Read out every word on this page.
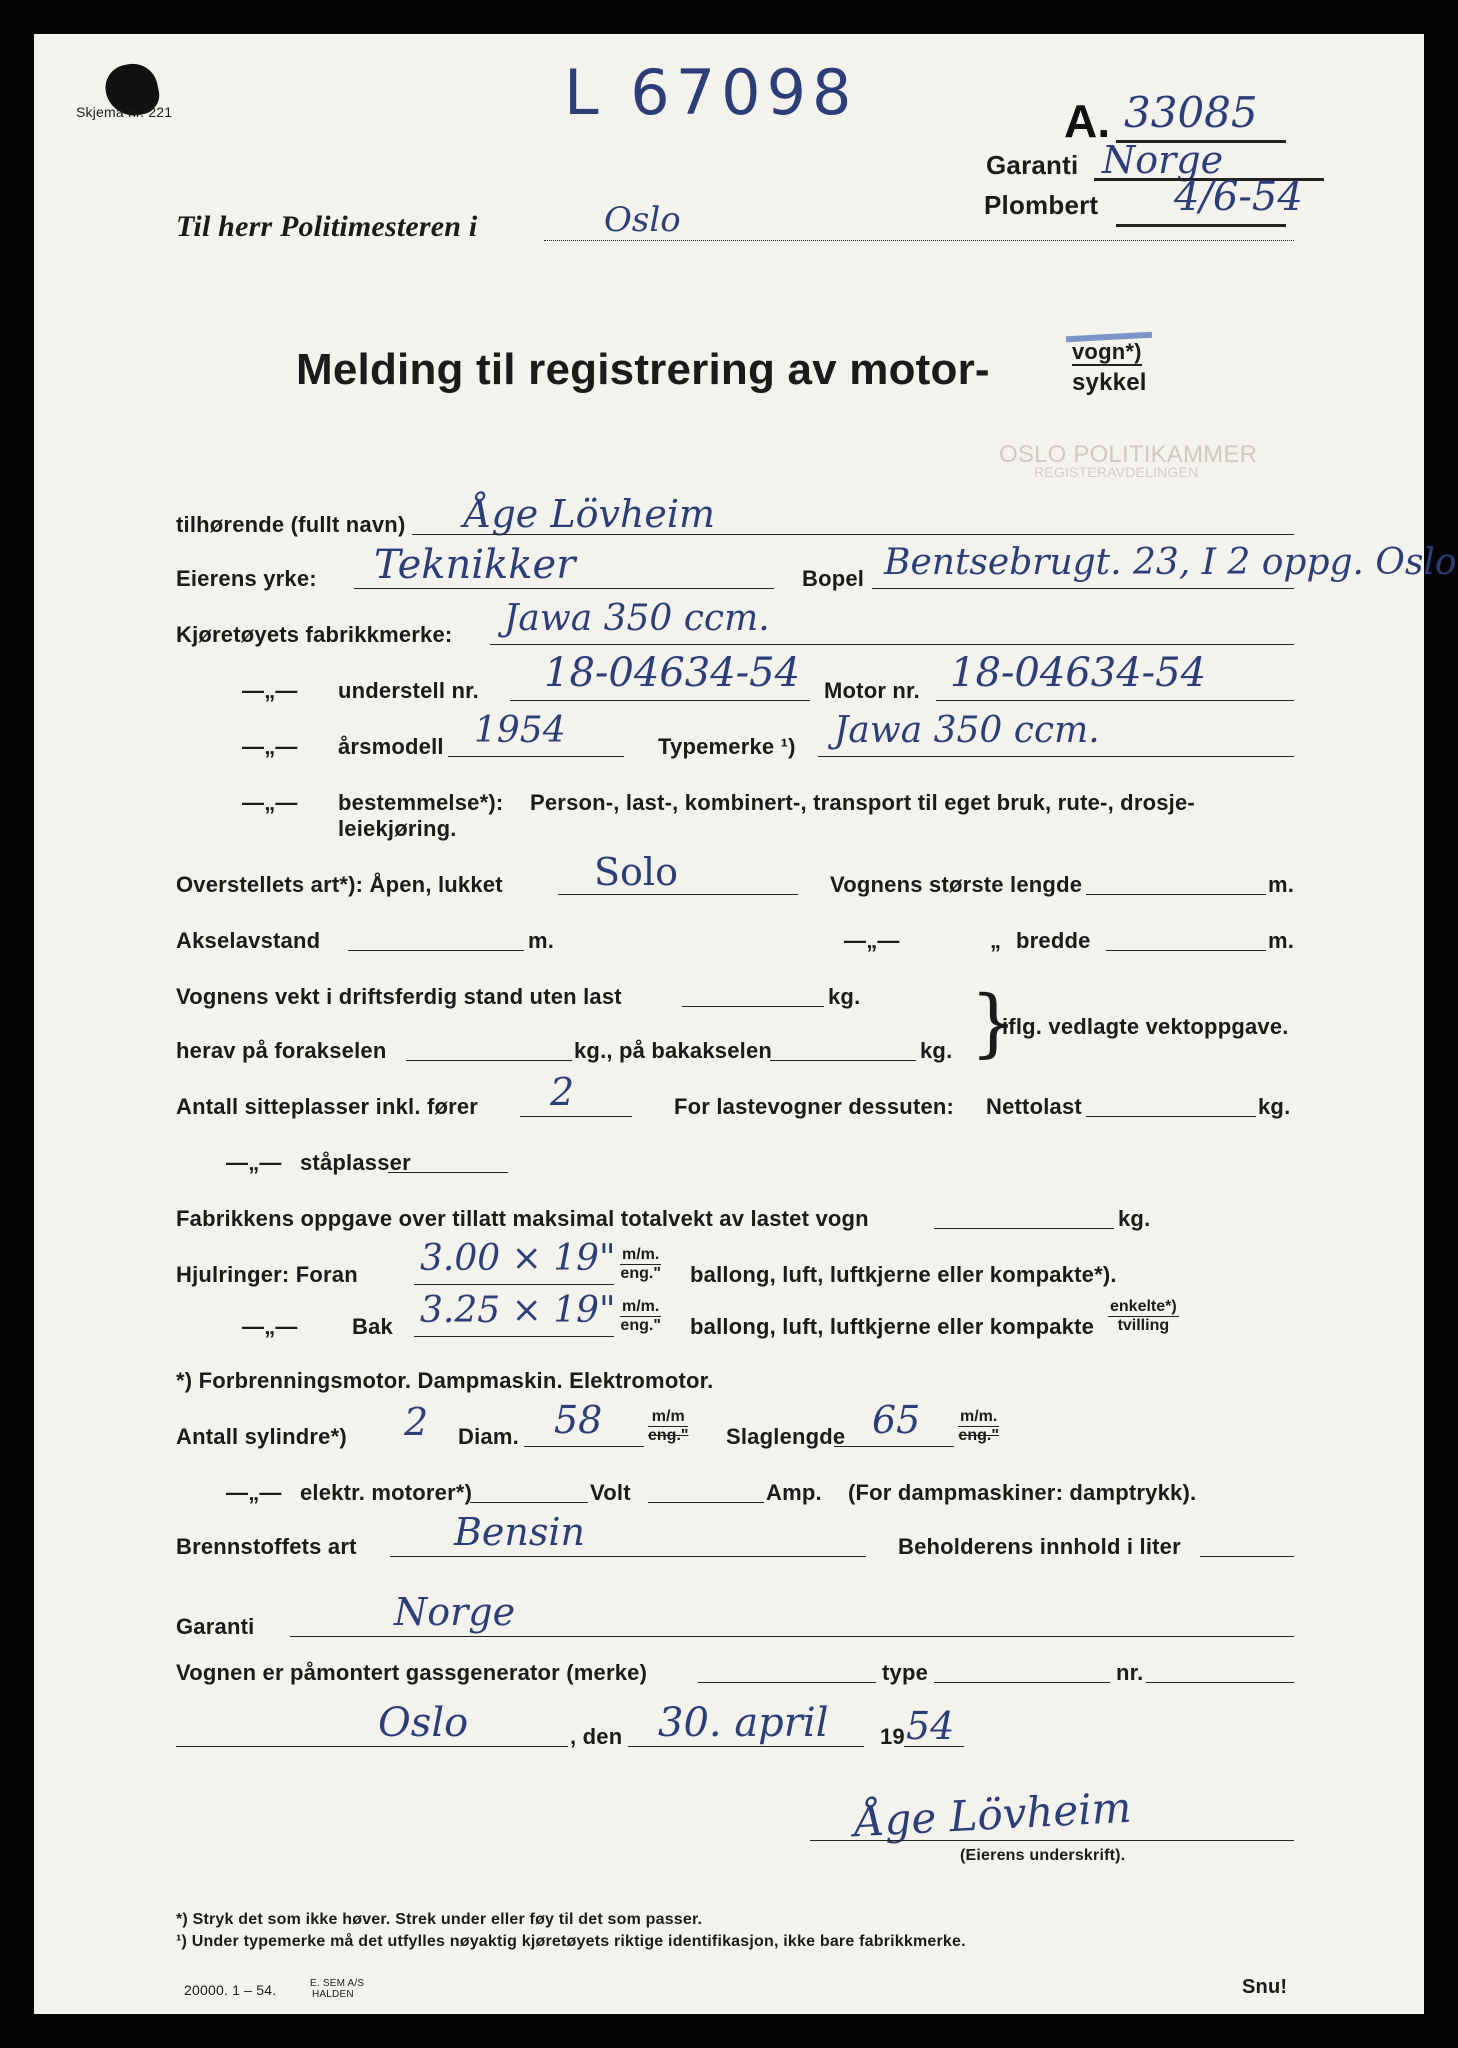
Skjema nr. 221	L 67098	A. 33085
Garanti Norge
Plombert 4/6-54
Til herr Politimesteren i	Oslo
Melding til registrering av motor-	vogn*)
sykkel
OSLO POLITIKAMMER
REGISTERAVDELINGEN
tilhørende (fullt navn) Åge Lövheim
Eierens yrke: Teknikker	Bopel Bentsebrugt. 23, I 2 oppg. Oslo
Kjøretøyets fabrikkmerke: Jawa 350 ccm.
—„— understell nr. 18-04634-54 Motor nr. 18-04634-54
—„— årsmodell 1954	Typemerke ¹) Jawa 350 ccm.
—„— bestemmelse*): Person-, last-, kombinert-, transport til eget bruk, rute-, drosje-
leiekjøring.
Overstellets art*): Åpen, lukket Solo	Vognens største lengde	m.
Akselavstand	m.	—„—	„ bredde	m.
Vognens vekt i driftsferdig stand uten last	kg.
herav på forakselen	kg., på bakakselen	kg. }
iflg. vedlagte vektoppgave.
Antall sitteplasser inkl. fører 2	For lastevogner dessuten: Nettolast	kg.
—„— ståplasser
Fabrikkens oppgave over tillatt maksimal totalvekt av lastet vogn	kg.
Hjulringer: Foran 3.00 × 19" m/m.
eng." ballong, luft, luftkjerne eller kompakte*).
—„— Bak 3.25 × 19" m/m.
eng." ballong, luft, luftkjerne eller kompakte
enkelte*)
tvilling
*) Forbrenningsmotor. Dampmaskin. Elektromotor.
Antall sylindre*) 2 Diam. 58	m/m
eng." Slaglengde 65 m/m.
eng."
—„— elektr. motorer*)	Volt	Amp. (For dampmaskiner: damptrykk).
Brennstoffets art	Bensin	Beholderens innhold i liter
Garanti	Norge
Vognen er påmontert gassgenerator (merke)	type	nr.
Oslo	, den 30. april 19 54
Åge Lövheim
(Eierens underskrift).
*) Stryk det som ikke høver. Strek under eller føy til det som passer.
¹) Under typemerke må det utfylles nøyaktig kjøretøyets riktige identifikasjon, ikke bare fabrikkmerke.
20000. 1 – 54.	E. SEM A/S
HALDEN	Snu!
